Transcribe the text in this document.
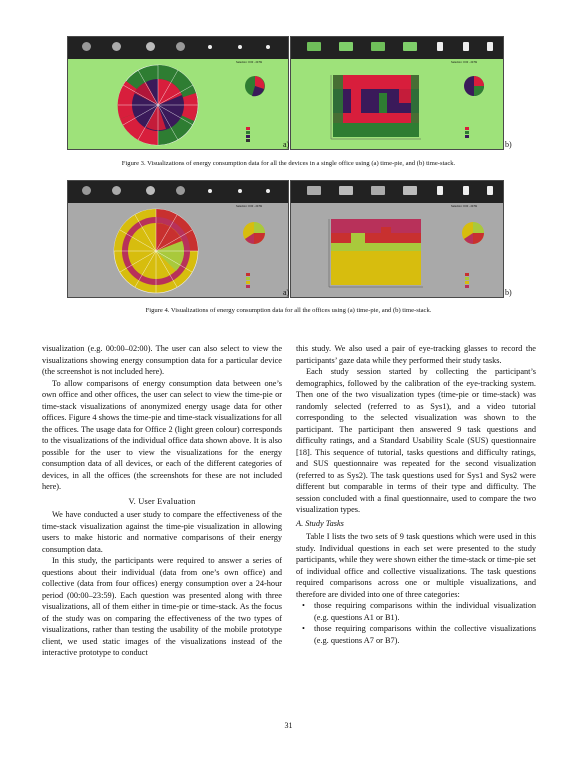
Selection: 0:00 - 23:59
a)
Selection: 0:00 - 23:59
b)
Figure 3. Visualizations of energy consumption data for all the devices in a single office using (a) time-pie, and (b) time-stack.
Selection: 0:00 - 23:59
a)
Selection: 0:00 - 23:59
b)
Figure 4. Visualizations of energy consumption data for all the offices using (a) time-pie, and (b) time-stack.

visualization (e.g. 00:00–02:00). The user can also select to view the visualizations showing energy consumption data for a particular device (the screenshot is not included here).

To allow comparisons of energy consumption data between one’s own office and other offices, the user can select to view the time-pie or time-stack visualizations of anonymized energy usage data for other offices. Figure 4 shows the time-pie and time-stack visualizations for all the offices. The usage data for Office 2 (light green colour) corresponds to the visualizations of the individual office data shown above. It is also possible for the user to view the visualizations for the energy consumption data of all devices, or each of the different categories of devices, in all the offices (the screenshots for these are not included here).

V. User Evaluation

We have conducted a user study to compare the effectiveness of the time-stack visualization against the time-pie visualization in allowing users to make historic and normative comparisons of their energy consumption data.

In this study, the participants were required to answer a series of questions about their individual (data from one’s own office) and collective (data from four offices) energy consumption over a 24-hour period (00:00–23:59). Each question was presented along with three visualizations, all of them either in time-pie or time-stack. As the focus of the study was on comparing the effectiveness of the two types of visualizations, rather than testing the usability of the mobile prototype client, we used static images of the visualizations instead of the interactive prototype to conduct

this study. We also used a pair of eye-tracking glasses to record the participants’ gaze data while they performed their study tasks.

Each study session started by collecting the participant’s demographics, followed by the calibration of the eye-tracking system. Then one of the two visualization types (time-pie or time-stack) was randomly selected (referred to as Sys1), and a video tutorial corresponding to the selected visualization was shown to the participant. The participant then answered 9 task questions and difficulty ratings, and a Standard Usability Scale (SUS) questionnaire [18]. This sequence of tutorial, tasks questions and difficulty ratings, and SUS questionnaire was repeated for the second visualization (referred to as Sys2). The task questions used for Sys1 and Sys2 were different but comparable in terms of their type and difficulty. The session concluded with a final questionnaire, used to compare the two visualization types.

A. Study Tasks

Table I lists the two sets of 9 task questions which were used in this study. Individual questions in each set were presented to the study participants, while they were shown either the time-stack or time-pie set of individual office and collective visualizations. The task questions required comparisons across one or multiple visualizations, and therefore are divided into one of three categories:

• those requiring comparisons within the individual visualization (e.g. questions A1 or B1).

• those requiring comparisons within the collective visualizations (e.g. questions A7 or B7).

31
